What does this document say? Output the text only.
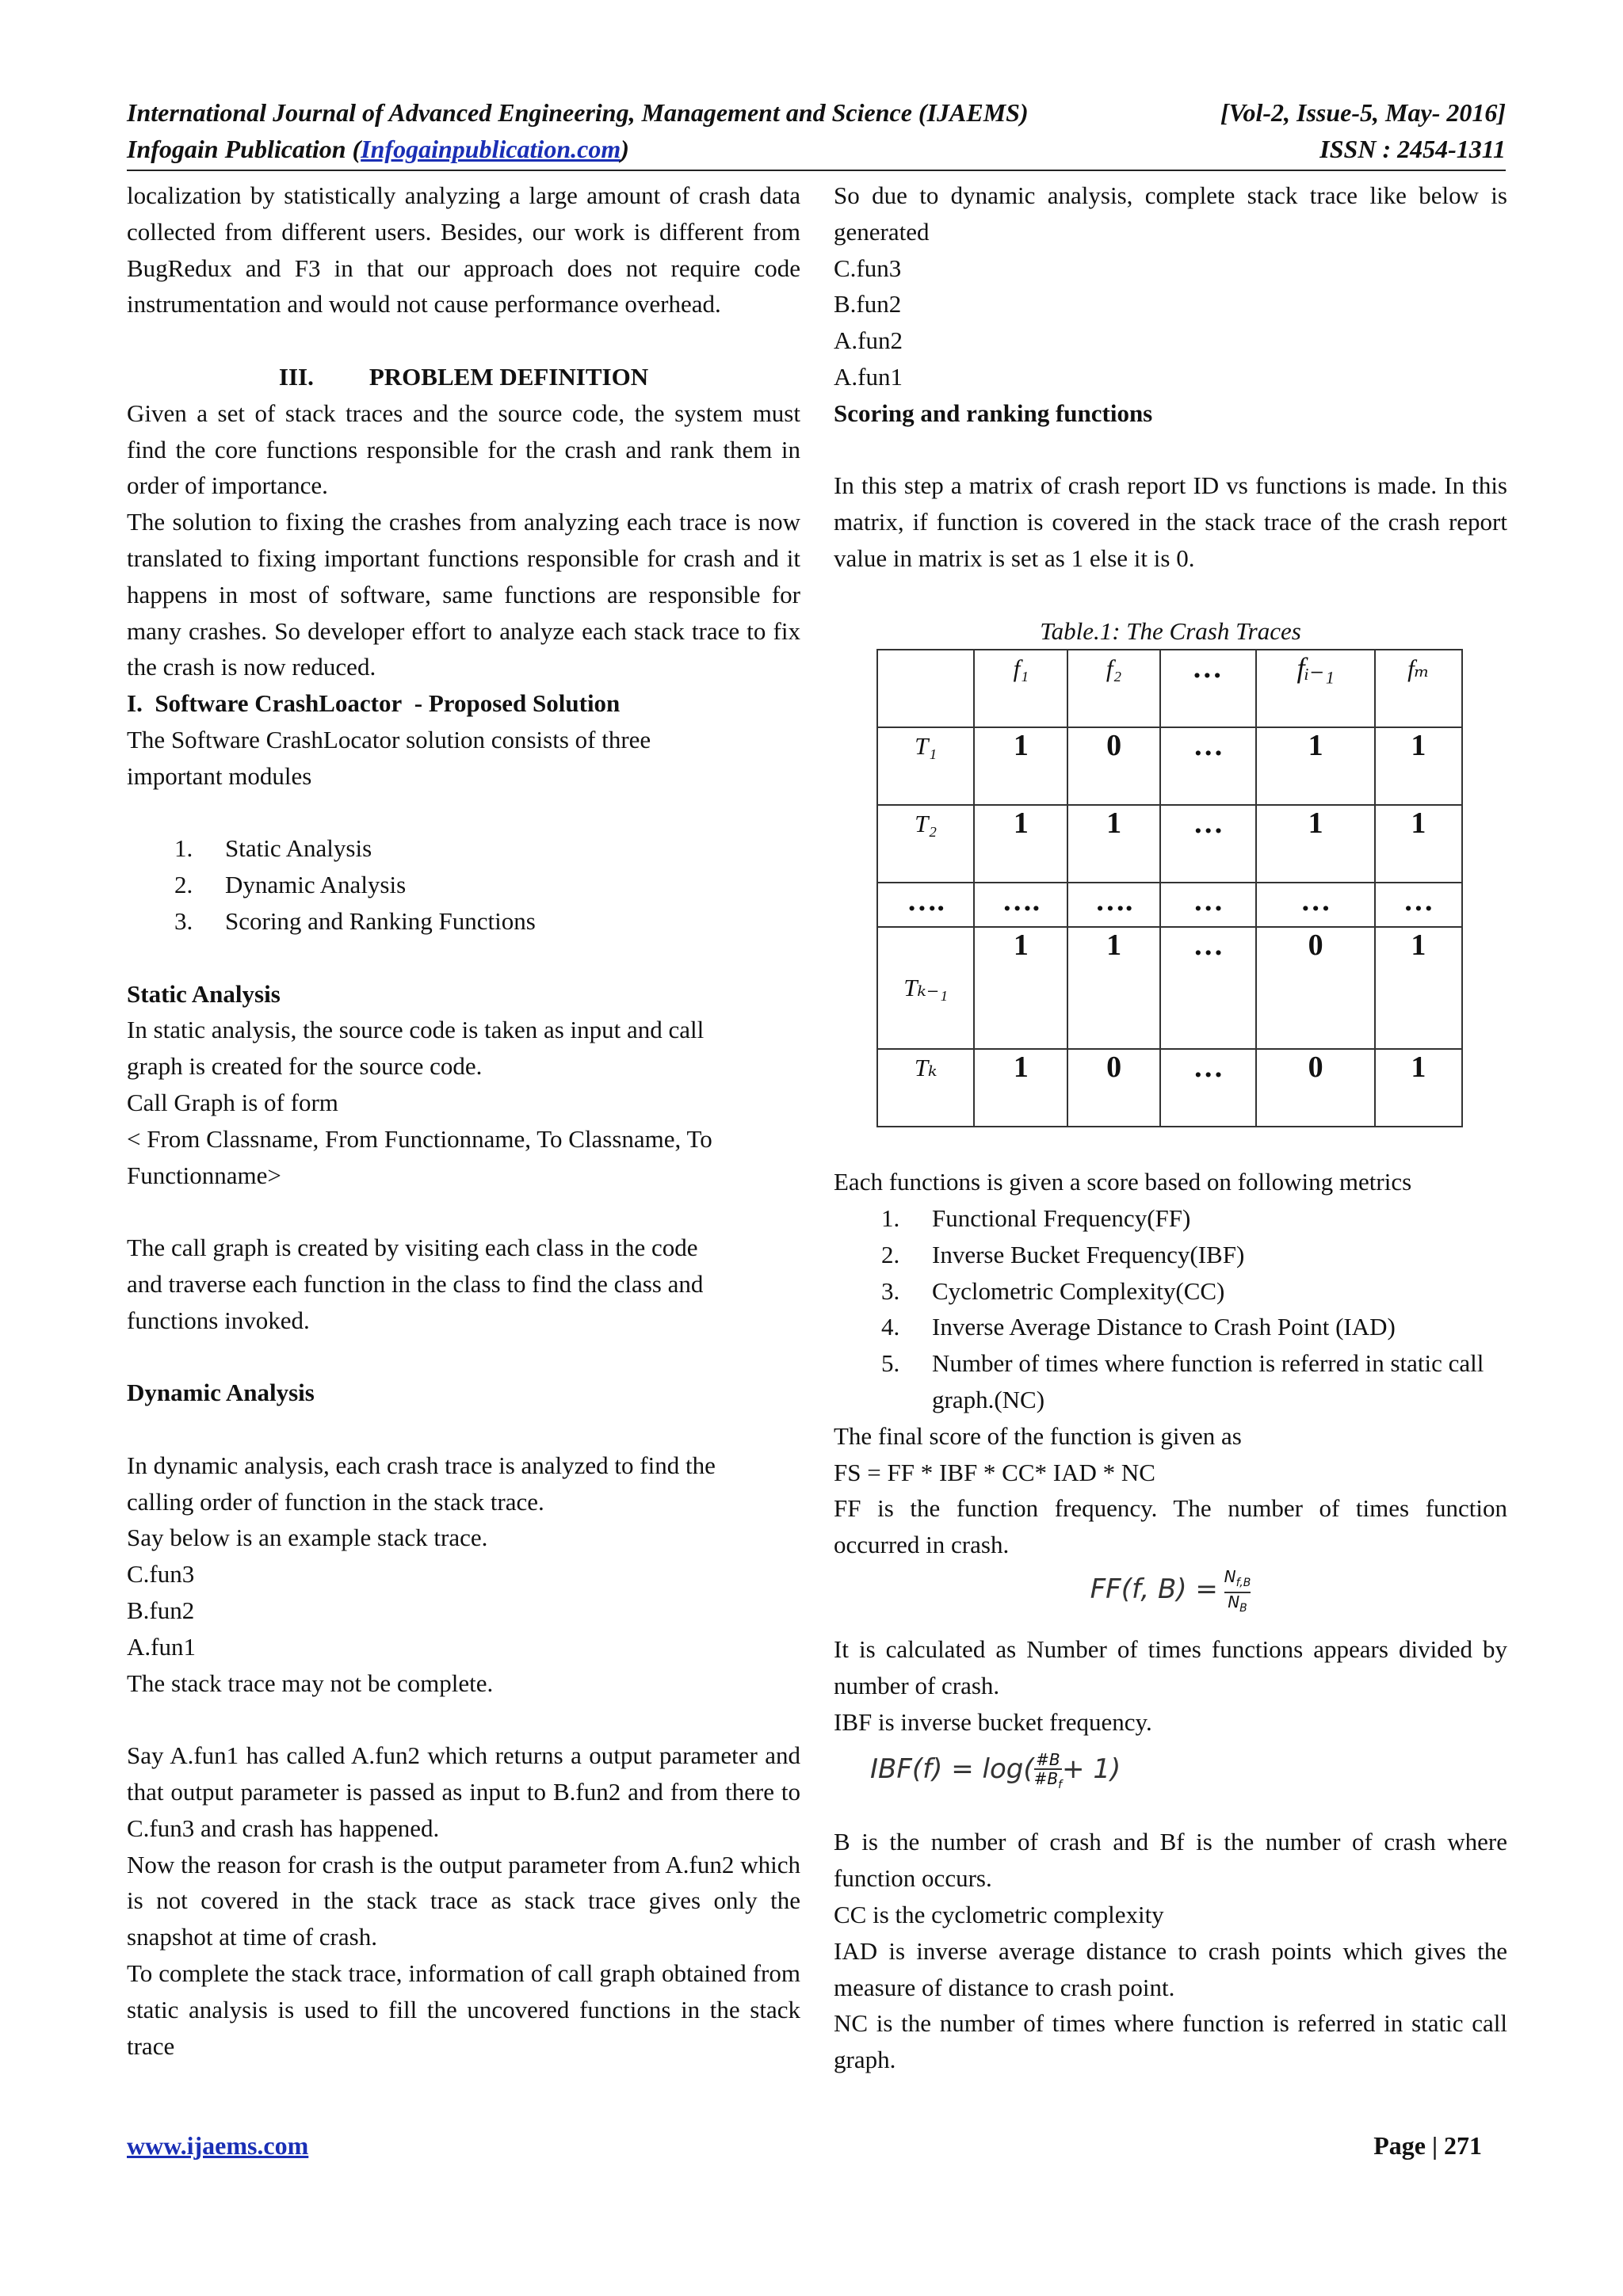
International Journal of Advanced Engineering, Management and Science (IJAEMS)	[Vol-2, Issue-5, May- 2016]
Infogain Publication (Infogainpublication.com)	ISSN : 2454-1311

localization by statistically analyzing a large amount of crash data collected from different users. Besides, our work is different from BugRedux and F3 in that our approach does not require code instrumentation and would not cause performance overhead.

III. PROBLEM DEFINITION

Given a set of stack traces and the source code, the system must find the core functions responsible for the crash and rank them in order of importance.

The solution to fixing the crashes from analyzing each trace is now translated to fixing important functions responsible for crash and it happens in most of software, same functions are responsible for many crashes. So developer effort to analyze each stack trace to fix the crash is now reduced.

I.  Software CrashLoactor  - Proposed Solution

The Software CrashLocator solution consists of three

important modules

1. Static Analysis
2. Dynamic Analysis
3. Scoring and Ranking Functions

Static Analysis

In static analysis, the source code is taken as input and call

graph is created for the source code.

Call Graph is of form

< From Classname, From Functionname, To Classname, To

Functionname>

The call graph is created by visiting each class in the code

and traverse each function in the class to find the class and

functions invoked.

Dynamic Analysis

In dynamic analysis, each crash trace is analyzed to find the

calling order of function in the stack trace.

Say below is an example stack trace.

C.fun3

B.fun2

A.fun1

The stack trace may not be complete.

Say A.fun1 has called A.fun2 which returns a output parameter and that output parameter is passed as input to B.fun2 and from there to C.fun3 and crash has happened.

Now the reason for crash is the output parameter from A.fun2 which is not covered in the stack trace as stack trace gives only the snapshot at time of crash.

To complete the stack trace, information of call graph obtained from static analysis is used to fill the uncovered functions in the stack trace

So due to dynamic analysis, complete stack trace like below is generated

C.fun3

B.fun2

A.fun2

A.fun1

Scoring and ranking functions

In this step a matrix of crash report ID vs functions is made. In this matrix, if function is covered in the stack trace of the crash report value in matrix is set as 1 else it is 0.

Table.1: The Crash Traces

	f₁	f₂	…	fᵢ₋₁	fₘ
T₁	1	0	…	1	1
T₂	1	1	…	1	1
….	….	….	…	…	…
Tₖ₋₁	1	1	…	0	1
Tₖ	1	0	…	0	1

Each functions is given a score based on following metrics

1. Functional Frequency(FF)
2. Inverse Bucket Frequency(IBF)
3. Cyclometric Complexity(CC)
4. Inverse Average Distance to Crash Point (IAD)
5. Number of times where function is referred in static call graph.(NC)

The final score of the function is given as

FS = FF * IBF * CC* IAD * NC

FF is the function frequency. The number of times function occurred in crash.

FF(f, $B) = \frac{N_{f,B}}{N_B}$

It is calculated as Number of times functions appears divided by number of crash.

IBF is inverse bucket frequency.

$IBF(f) = \log(\frac{\#B}{\#B_f} + 1)$

B is the number of crash and Bf is the number of crash where function occurs.

CC is the cyclometric complexity

IAD is inverse average distance to crash points which gives the measure of distance to crash point.

NC is the number of times where function is referred in static call graph.

www.ijaems.com	Page | 271
